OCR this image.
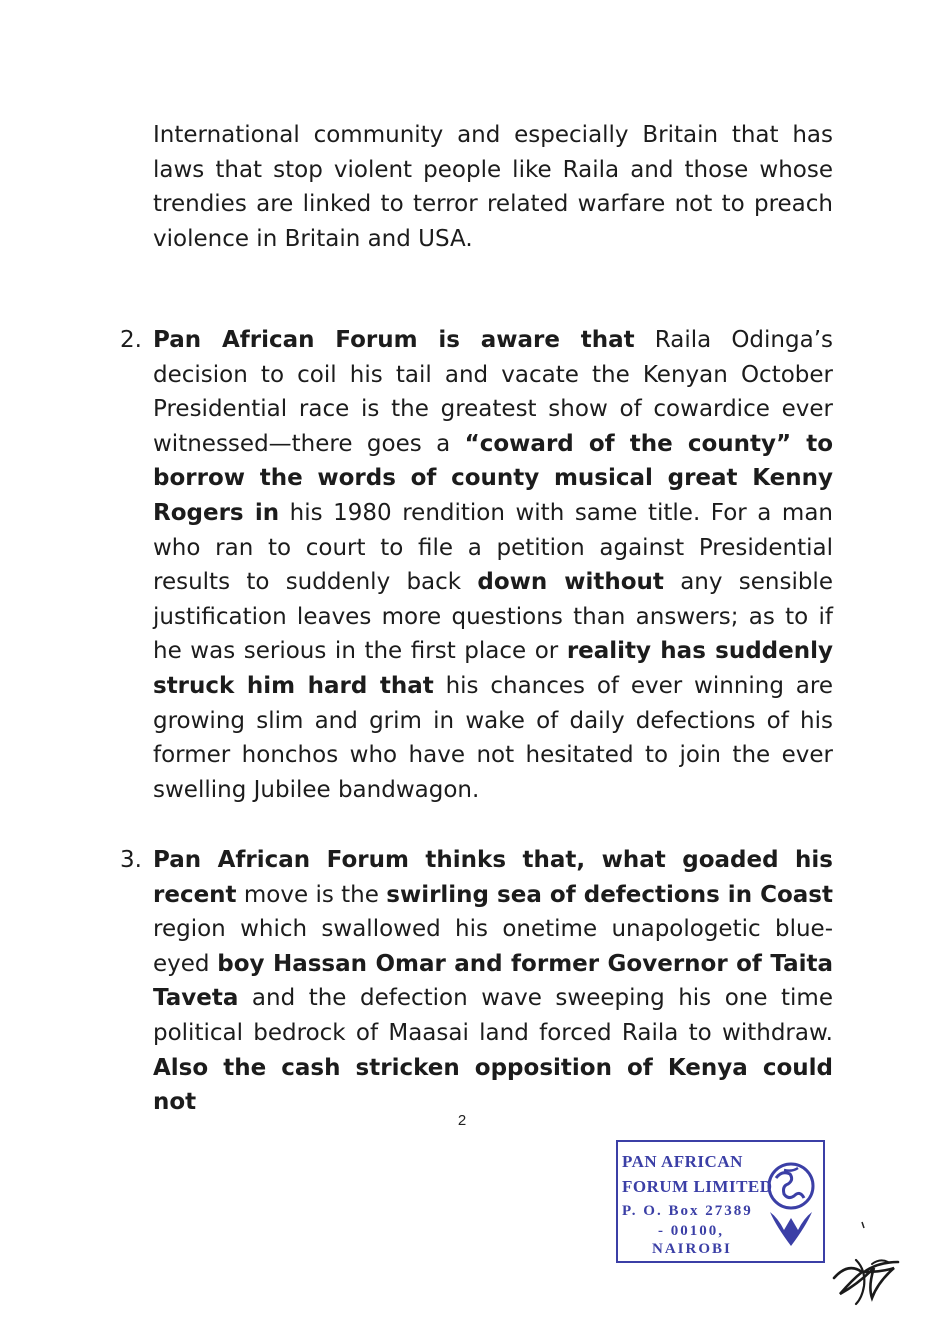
International community and especially Britain that has laws that stop violent people like Raila and those whose trendies are linked to terror related warfare not to preach violence in Britain and USA.

2. Pan African Forum is aware that Raila Odinga’s decision to coil his tail and vacate the Kenyan October Presidential race is the greatest show of cowardice ever witnessed—there goes a “coward of the county” to borrow the words of county musical great Kenny Rogers in his 1980 rendition with same title. For a man who ran to court to file a petition against Presidential results to suddenly back down without any sensible justification leaves more questions than answers; as to if he was serious in the first place or reality has suddenly struck him hard that his chances of ever winning are growing slim and grim in wake of daily defections of his former honchos who have not hesitated to join the ever swelling Jubilee bandwagon.

3. Pan African Forum thinks that, what goaded his recent move is the swirling sea of defections in Coast region which swallowed his onetime unapologetic blue-eyed boy Hassan Omar and former Governor of Taita Taveta and the defection wave sweeping his one time political bedrock of Maasai land forced Raila to withdraw. Also the cash stricken opposition of Kenya could not

2
PAN AFRICAN
FORUM LIMITED
P. O. Box 27389
- 00100,
NAIROBI
